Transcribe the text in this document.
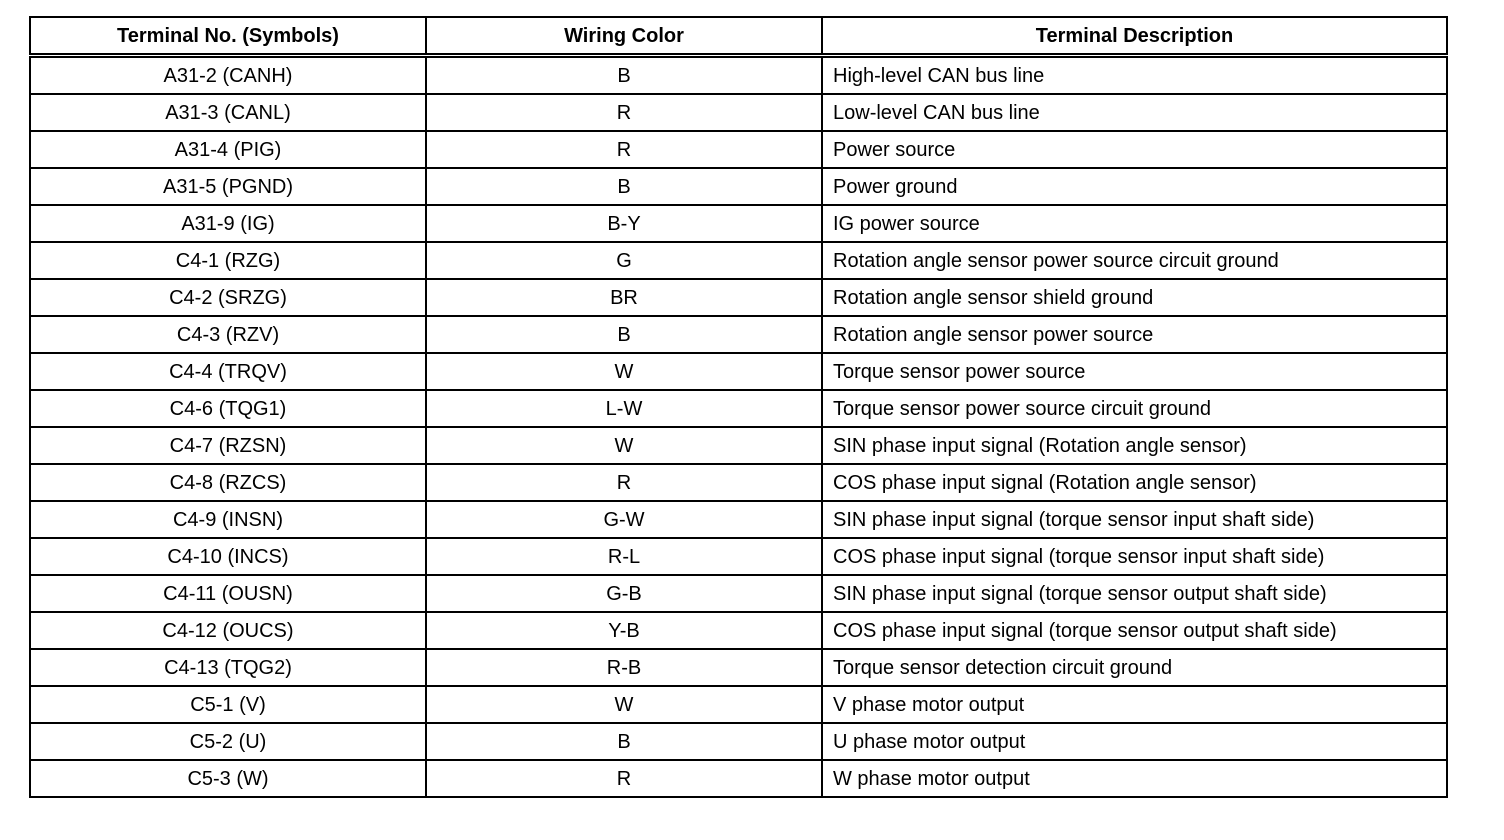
Terminal No. (Symbols)	Wiring Color	Terminal Description
A31-2 (CANH)	B	High-level CAN bus line
A31-3 (CANL)	R	Low-level CAN bus line
A31-4 (PIG)	R	Power source
A31-5 (PGND)	B	Power ground
A31-9 (IG)	B-Y	IG power source
C4-1 (RZG)	G	Rotation angle sensor power source circuit ground
C4-2 (SRZG)	BR	Rotation angle sensor shield ground
C4-3 (RZV)	B	Rotation angle sensor power source
C4-4 (TRQV)	W	Torque sensor power source
C4-6 (TQG1)	L-W	Torque sensor power source circuit ground
C4-7 (RZSN)	W	SIN phase input signal (Rotation angle sensor)
C4-8 (RZCS)	R	COS phase input signal (Rotation angle sensor)
C4-9 (INSN)	G-W	SIN phase input signal (torque sensor input shaft side)
C4-10 (INCS)	R-L	COS phase input signal (torque sensor input shaft side)
C4-11 (OUSN)	G-B	SIN phase input signal (torque sensor output shaft side)
C4-12 (OUCS)	Y-B	COS phase input signal (torque sensor output shaft side)
C4-13 (TQG2)	R-B	Torque sensor detection circuit ground
C5-1 (V)	W	V phase motor output
C5-2 (U)	B	U phase motor output
C5-3 (W)	R	W phase motor output
